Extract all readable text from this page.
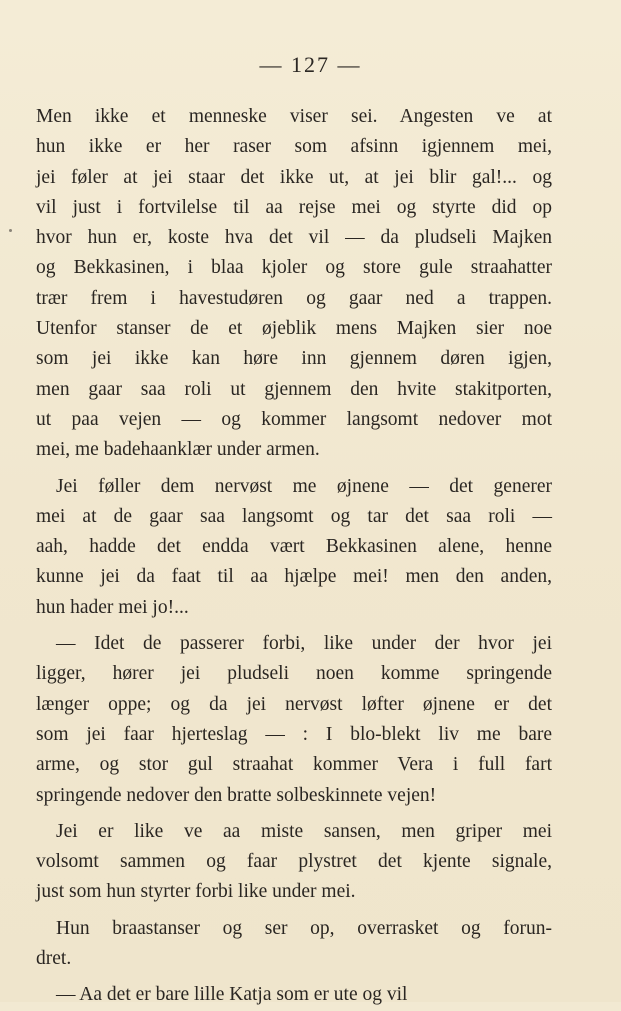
— 127 —
Men ikke et menneske viser sei. Angesten ve at
hun ikke er her raser som afsinn igjennem mei,
jei føler at jei staar det ikke ut, at jei blir gal!... og
vil just i fortvilelse til aa rejse mei og styrte did op
hvor hun er, koste hva det vil — da pludseli Majken
og Bekkasinen, i blaa kjoler og store gule straahatter
trær frem i havestudøren og gaar ned a trappen.
Utenfor stanser de et øjeblik mens Majken sier noe
som jei ikke kan høre inn gjennem døren igjen,
men gaar saa roli ut gjennem den hvite stakitporten,
ut paa vejen — og kommer langsomt nedover mot
mei, me badehaanklær under armen.
Jei føller dem nervøst me øjnene — det generer
mei at de gaar saa langsomt og tar det saa roli —
aah, hadde det endda vært Bekkasinen alene, henne
kunne jei da faat til aa hjælpe mei! men den anden,
hun hader mei jo!...
— Idet de passerer forbi, like under der hvor jei
ligger, hører jei pludseli noen komme springende
længer oppe; og da jei nervøst løfter øjnene er det
som jei faar hjerteslag — : I blo-blekt liv me bare
arme, og stor gul straahat kommer Vera i full fart
springende nedover den bratte solbeskinnete vejen!
Jei er like ve aa miste sansen, men griper mei
volsomt sammen og faar plystret det kjente signale,
just som hun styrter forbi like under mei.
Hun braastanser og ser op, overrasket og forun-
dret.
— Aa det er bare lille Katja som er ute og vil
